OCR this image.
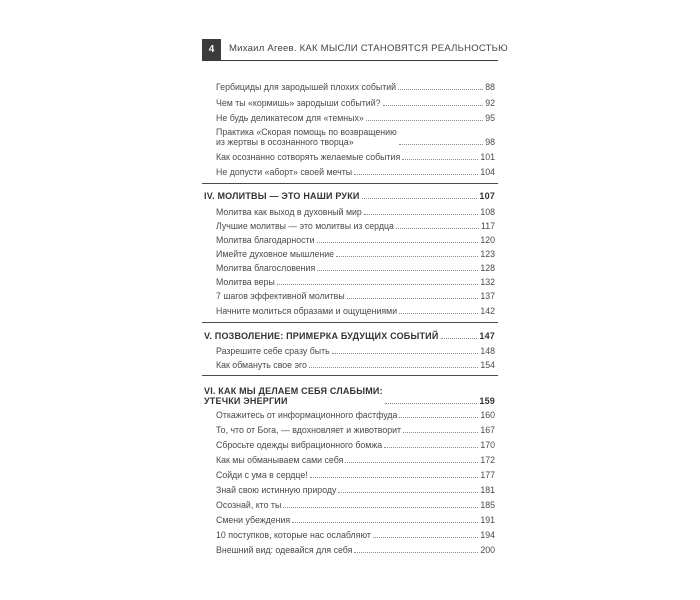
4	Михаил Агеев. КАК МЫСЛИ СТАНОВЯТСЯ РЕАЛЬНОСТЬЮ
Гербициды для зародышей плохих событий	88
Чем ты «кормишь» зародыши событий?	92
Не будь деликатесом для «темных»	95
Практика «Скорая помощь по возвращению
из жертвы в осознанного творца»	98
Как осознанно сотворять желаемые события	101
Не допусти «аборт» своей мечты	104
IV. МОЛИТВЫ — ЭТО НАШИ РУКИ	107
Молитва как выход в духовный мир	108
Лучшие молитвы — это молитвы из сердца	117
Молитва благодарности	120
Имейте духовное мышление	123
Молитва благословения	128
Молитва веры	132
7 шагов эффективной молитвы	137
Начните молиться образами и ощущениями	142
V. ПОЗВОЛЕНИЕ: ПРИМЕРКА БУДУЩИХ СОБЫТИЙ	147
Разрешите себе сразу быть	148
Как обмануть свое эго	154
VI. КАК МЫ ДЕЛАЕМ СЕБЯ СЛАБЫМИ:
УТЕЧКИ ЭНЕРГИИ	159
Откажитесь от информационного фастфуда	160
То, что от Бога, — вдохновляет и животворит	167
Сбросьте одежды вибрационного бомжа	170
Как мы обманываем сами себя	172
Сойди с ума в сердце!	177
Знай свою истинную природу	181
Осознай, кто ты	185
Смени убеждения	191
10 поступков, которые нас ослабляют	194
Внешний вид: одевайся для себя	200
